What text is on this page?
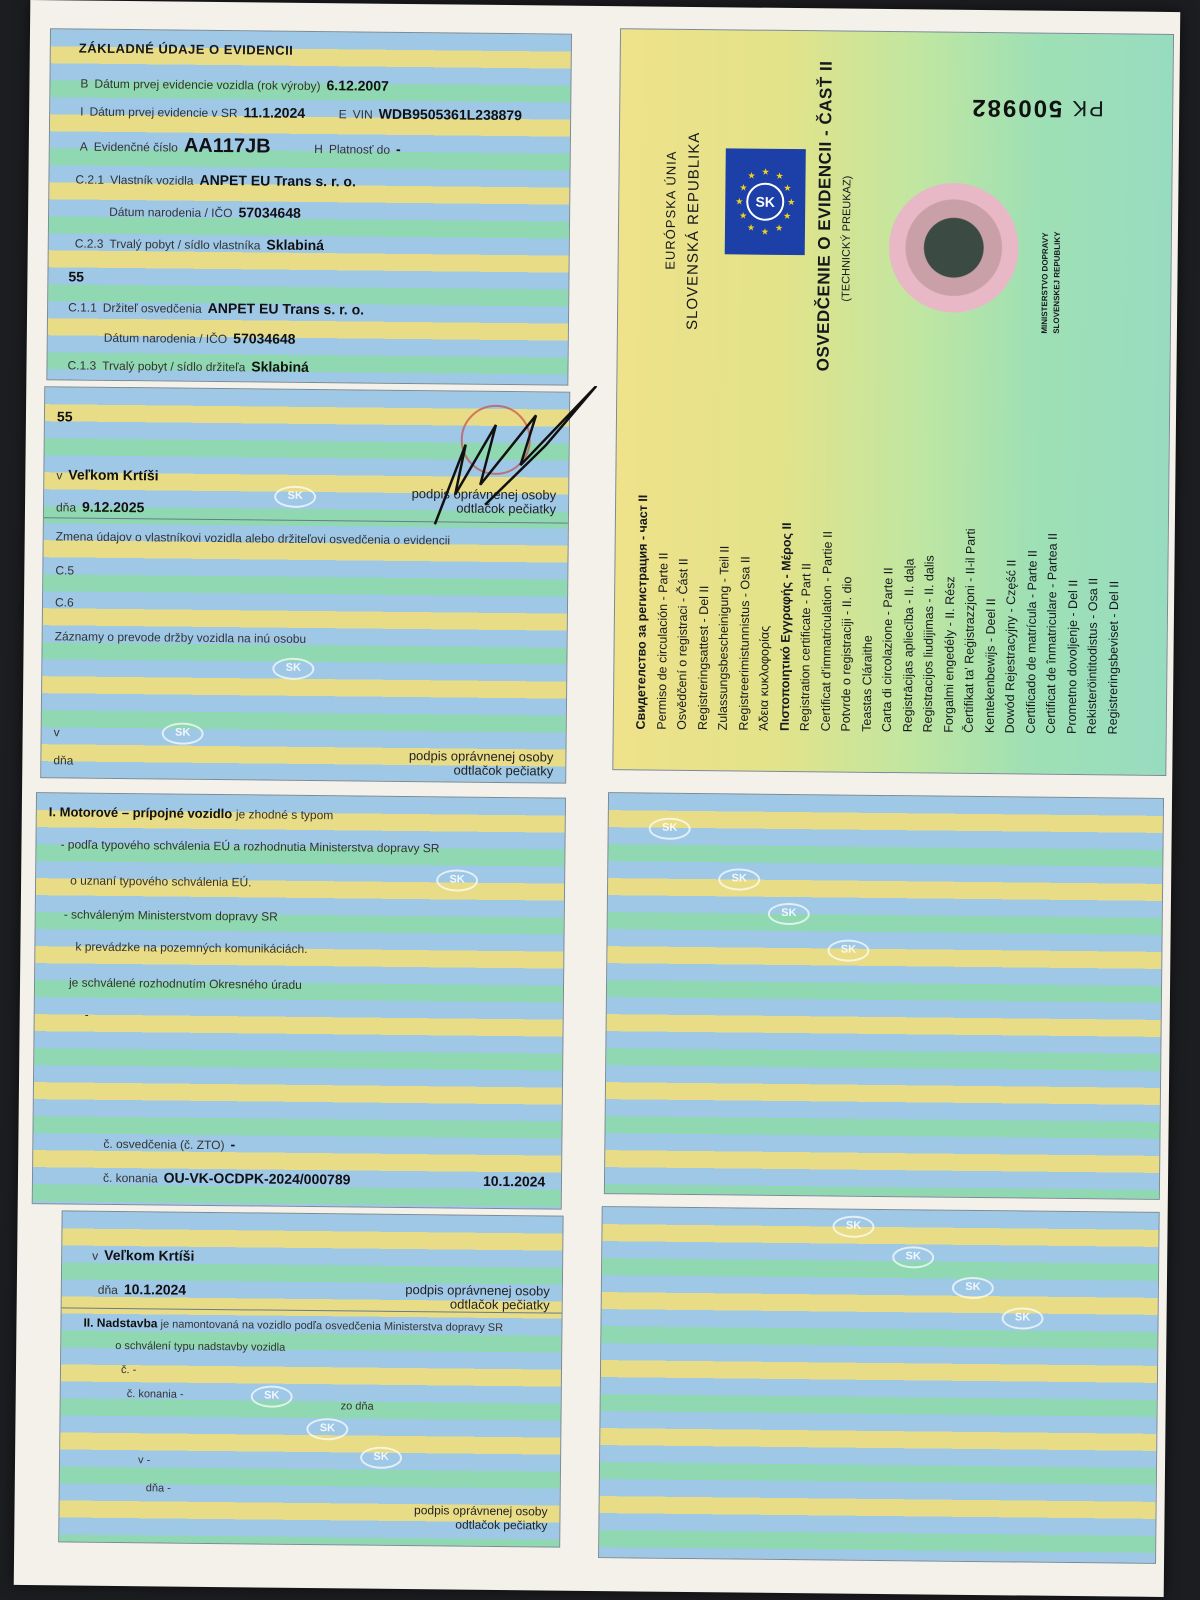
ZÁKLADNÉ ÚDAJE O EVIDENCII
B Dátum prvej evidencie vozidla (rok výroby) 6.12.2007
I Dátum prvej evidencie v SR 11.1.2024	E VIN WDB9505361L238879
A Evidenčné číslo AA117JB	H Platnosť do -
C.2.1 Vlastník vozidla ANPET EU Trans s. r. o.
Dátum narodenia / IČO 57034648
C.2.3 Trvalý pobyt / sídlo vlastníka Sklabiná
55
C.1.1 Držiteľ osvedčenia ANPET EU Trans s. r. o.
Dátum narodenia / IČO 57034648
C.1.3 Trvalý pobyt / sídlo držiteľa Sklabiná
55
SK
v Veľkom Krtíši
dňa 9.12.2025
podpis oprávnenej osoby
odtlačok pečiatky
Zmena údajov o vlastníkovi vozidla alebo držiteľovi osvedčenia o evidencii
C.5
C.6
Záznamy o prevode držby vozidla na inú osobu
SK
SK
v
dňa	podpis oprávnenej osoby
odtlačok pečiatky
I. Motorové – prípojné vozidlo je zhodné s typom
- podľa typového schválenia EÚ a rozhodnutia Ministerstva dopravy SR
o uznaní typového schválenia EÚ.
- schváleným Ministerstvom dopravy SR
k prevádzke na pozemných komunikáciách.
je schválené rozhodnutím Okresného úradu
-
SK
č. osvedčenia (č. ZTO) -
č. konania OU-VK-OCDPK-2024/000789	10.1.2024
v Veľkom Krtíši
dňa 10.1.2024	podpis oprávnenej osoby
odtlačok pečiatky
II. Nadstavba je namontovaná na vozidlo podľa osvedčenia Ministerstva dopravy SR
o schválení typu nadstavby vozidla
č. -
č. konania -
zo dňa
SK
SK
SK
v -
dňa -
podpis oprávnenej osoby
odtlačok pečiatky
PK 500982
EURÓPSKA ÚNIA SLOVENSKÁ REPUBLIKA	SK
★ ★
★
★
★
★
★
★
★
★
★
★	OSVEDČENIE O EVIDENCII - ČASŤ II (TECHNICKÝ PREUKAZ)	MINISTERSTVO DOPRAVY SLOVENSKEJ REPUBLIKY
Свидетелство за регистрация - част II Permiso de circulación - Parte II Osvědčení o registraci - Část II Registreringsattest - Del II Zulassungsbescheinigung - Teil II Registreerimistunnistus - Osa II Άδεια κυκλοφορίας Πιστοποιητικό Εγγραφής - Μέρος ΙΙ Registration certificate - Part II Certificat d'immatriculation - Partie II Potvrde o registraciji - II. dio Teastas Cláraithe Carta di circolazione - Parte II Registrācijas apliecība - II. daļa Registracijos liudijimas - II. dalis Forgalmi engedély - II. Rész Čertifikat ta' Reġistrazzjoni - II-il Parti Kentekenbewijs - Deel II Dowód Rejestracyjny - Część II Certificado de matrícula - Parte II Certificat de înmatriculare - Partea II Prometno dovoljenje - Del II Rekisteröintitodistus - Osa II Registreringsbeviset - Del II
SK
SK
SK
SK
SK
SK
SK
SK
